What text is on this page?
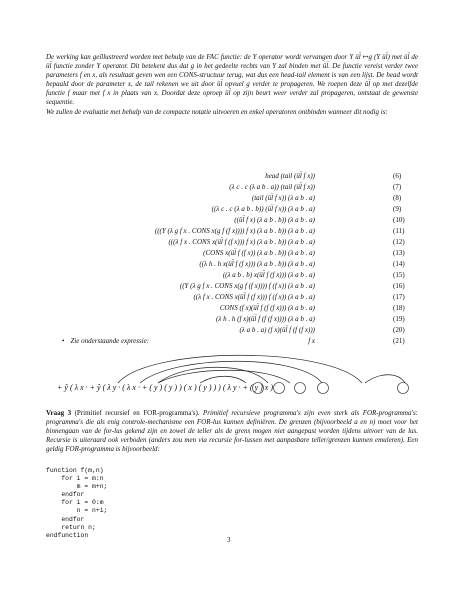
De werking kan geïllustreerd worden met behulp van de FAC functie: de Y operator wordt vervangen door Y ül̈ ↦g (Y ül̈) met ül̈ de ül̈ functie zonder Y operator. Dit betekent dus dat g in het gedeelte rechts van Y zal binden met ül̈. De functie vereist verder twee parameters f en x, als resultaat geven wen een CONS-structuur terug, wat dus een head-tail element is van een lijst. De head wordt bepaald door de parameter x, de tail rekenen we uit door ül̈ opvuel g verder te propageren. We roepen deze ül̈ op met dezelfde functie f maar met f x in plaats van x. Doordat deze oproep ül̈ op zijn beurt weer verder zal propageren, ontstaat de gewenste sequentie.

We zullen de evaluatie met behulp van de compacte notatie uitvoeren en enkel operatoren ontbinden wanneer dit nodig is:

head (tail (ül̈ f x))	(6)
(λ c . c (λ a b . a)) (tail (ül̈ f x))	(7)
(tail (ül̈ f x)) (λ a b . a)	(8)
((λ c . c (λ a b . b)) (ül̈ f x)) (λ a b . a)	(9)
((ül̈ f x) (λ a b . b)) (λ a b . a)	(10)
(((Y (λ g f x . CONS x(g f (f x)))) f x) (λ a b . b)) (λ a b . a)	(11)
(((λ f x . CONS x(ül̈ f (f x))) f x) (λ a b . b)) (λ a b . a)	(12)
(CONS x(ül̈ f (f x)) (λ a b . b)) (λ a b . a)	(13)
((λ h . h x(ül̈ f (f x))) (λ a b . b)) (λ a b . a)	(14)
((λ a b . b) x(ül̈ f (f x))) (λ a b . a)	(15)
((Y (λ g f x . CONS x(g f (f x)))) f (f x)) (λ a b . a)	(16)
((λ f x . CONS x(ül̈ f (f x))) f (f x)) (λ a b . a)	(17)
CONS (f x)(ül̈ f (f (f x))) (λ a b . a)	(18)
(λ h . h (f x)(ül̈ f (f (f x)))) (λ a b . a)	(19)
(λ a b . a) (f x)(ül̈ f (f (f x)))	(20)
f x	(21)
• Zie onderstaande expressie:
+ ŷ ( λ x · + ŷ ( λ y · ( λ x · + ( y ) ( y ) ) ( x ) ( y ) ) ) ( λ y · + ( y ) x )
Vraag 3 (Primitief recursief en FOR-programma's). Primitief recursieve programma's zijn even sterk als FOR-programma's: programma's die als enig controle-mechanisme een FOR-lus kunnen definiëren. De grenzen (bijvoorbeeld a en n) moet voor het binnengaan van de for-lus gekend zijn en zowel de teller als de grens mogen niet aangepast worden tijdens uitvoer van de lus. Recursie is uiteraard ook verboden (anders zou men via recursie for-lussen met aanpasbare teller/grenzen kunnen emuleren). Een geldig FOR-programma is bijvoorbeeld:
function f(m,n)
for i = m:n
m = m+n;
endfor
for i = 0:m
n = n+i;
endfor
return n;
endfunction
3
